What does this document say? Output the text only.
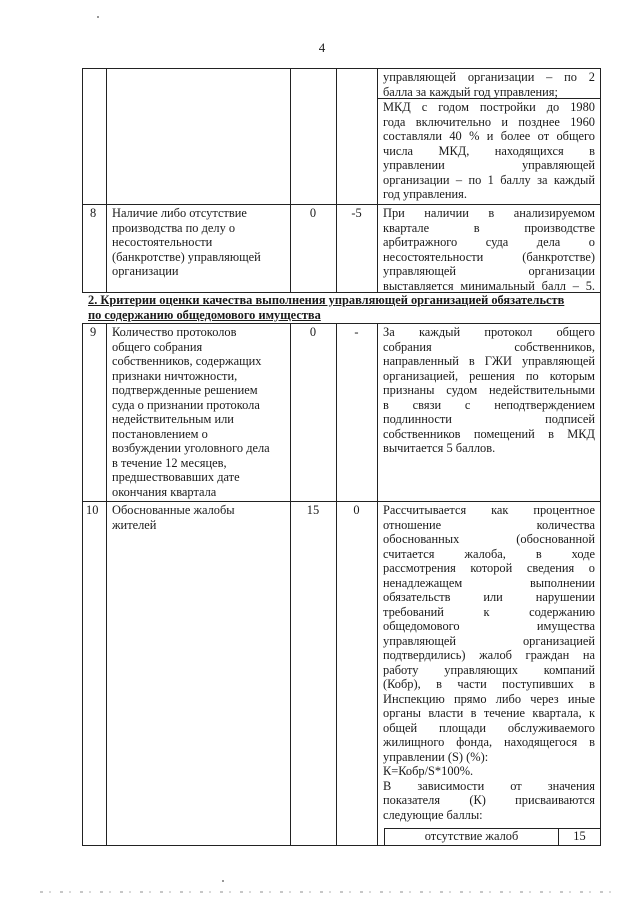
4
управляющей организации – по 2
балла за каждый год управления;
МКД с годом постройки до 1980
года включительно и позднее 1960
составляли 40 % и более от общего
числа МКД, находящихся в
управлении управляющей
организации – по 1 баллу за каждый
год управления.
8 Наличие либо отсутствие
производства по делу о
несостоятельности
(банкротстве) управляющей
организации
0	-5	При наличии в анализируемом
квартале в производстве
арбитражного суда дела о
несостоятельности (банкротстве)
управляющей организации
выставляется минимальный балл – 5.
2. Критерии оценки качества выполнения управляющей организацией обязательств
по содержанию общедомового имущества
9 Количество протоколов
общего собрания
собственников, содержащих
признаки ничтожности,
подтвержденные решением
суда о признании протокола
недействительным или
постановлением о
возбуждении уголовного дела
в течение 12 месяцев,
предшествовавших дате
окончания квартала
0	-	За каждый протокол общего
собрания собственников,
направленный в ГЖИ управляющей
организацией, решения по которым
признаны судом недействительными
в связи с неподтверждением
подлинности подписей
собственников помещений в МКД
вычитается 5 баллов.
10 Обоснованные жалобы
жителей
15	0	Рассчитывается как процентное
отношение количества
обоснованных (обоснованной
считается жалоба, в ходе
рассмотрения которой сведения о
ненадлежащем выполнении
обязательств или нарушении
требований к содержанию
общедомового имущества
управляющей организацией
подтвердились) жалоб граждан на
работу управляющих компаний
(Кобр), в части поступивших в
Инспекцию прямо либо через иные
органы власти в течение квартала, к
общей площади обслуживаемого
жилищного фонда, находящегося в
управлении (S) (%):
К=Кобр/S*100%.
В зависимости от значения
показателя (К) присваиваются
следующие баллы:
отсутствие жалоб	15
